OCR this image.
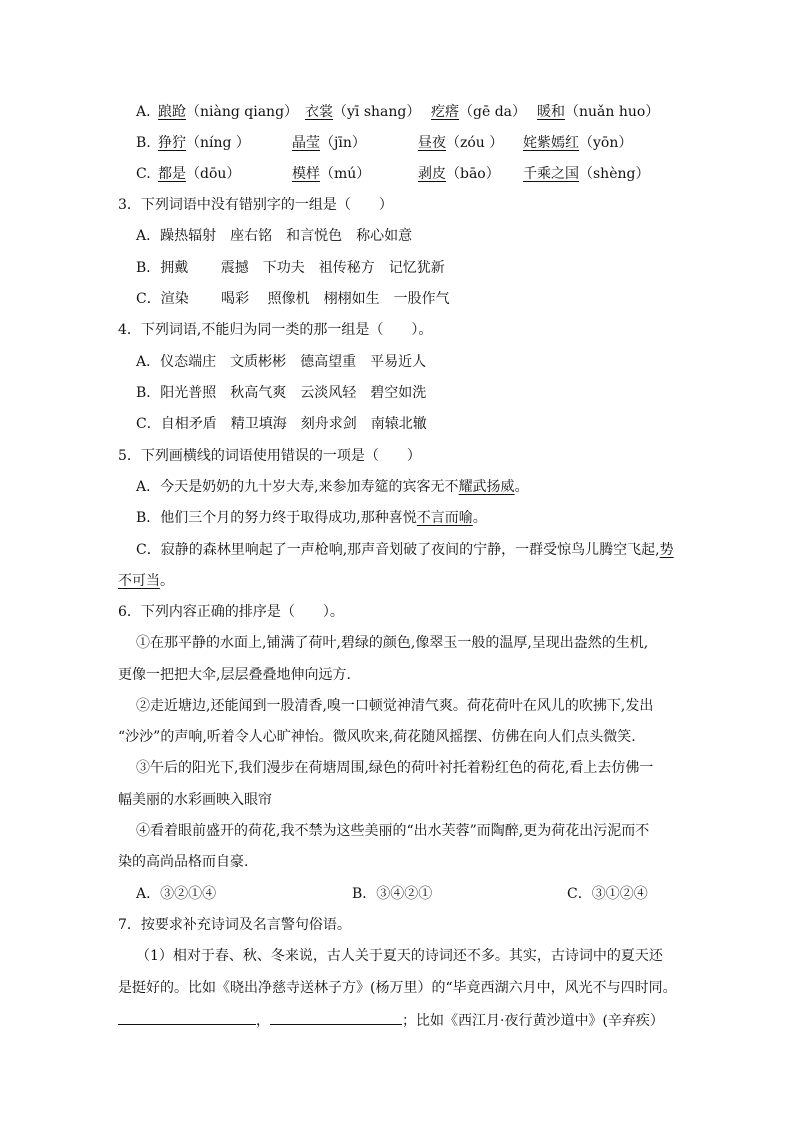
A. 踉跄（niàng qiang） 衣裳（yī shang） 疙瘩（gē da） 暖和（nuǎn huo）
B. 狰狞（níng ）	晶莹（jīn）	昼夜（zóu ） 姹紫嫣红（yōn）
C. 都是（dōu）	模样（mú）	剥皮（bāo） 千乘之国（shèng）
3．下列词语中没有错别字的一组是（　　）
A．躁热辐射　座右铭　和言悦色　称心如意
B．拥戴　　 震撼　下功夫　祖传秘方　记忆犹新
C．渲染　　 喝彩　 照像机　栩栩如生　一股作气
4．下列词语,不能归为同一类的那一组是（　　）。
A．仪态端庄　文质彬彬　德高望重　平易近人
B．阳光普照　秋高气爽　云淡风轻　碧空如洗
C．自相矛盾　精卫填海　刻舟求剑　南辕北辙
5．下列画横线的词语使用错误的一项是（　　）
A．今天是奶奶的九十岁大寿,来参加寿筵的宾客无不耀武扬威。
B．他们三个月的努力终于取得成功,那种喜悦不言而喻。
C．寂静的森林里响起了一声枪响,那声音划破了夜间的宁静，一群受惊鸟儿腾空飞起,势
不可当。
6．下列内容正确的排序是（　　）。
①在那平静的水面上,铺满了荷叶,碧绿的颜色,像翠玉一般的温厚,呈现出盎然的生机,
更像一把把大伞,层层叠叠地伸向远方.
②走近塘边,还能闻到一股清香,嗅一口顿觉神清气爽。荷花荷叶在风儿的吹拂下,发出
“沙沙”的声响,听着令人心旷神怡。微风吹来,荷花随风摇摆、仿佛在向人们点头微笑.
③午后的阳光下,我们漫步在荷塘周围,绿色的荷叶衬托着粉红色的荷花,看上去仿佛一
幅美丽的水彩画映入眼帘
④看着眼前盛开的荷花,我不禁为这些美丽的“出水芙蓉”而陶醉,更为荷花出污泥而不
染的高尚品格而自豪.
A．③②①④	B．③④②①	C．③①②④
7．按要求补充诗词及名言警句俗语。
（1）相对于春、秋、冬来说，古人关于夏天的诗词还不多。其实，古诗词中的夏天还
是挺好的。比如《晓出净慈寺送林子方》(杨万里）的“毕竟西湖六月中，风光不与四时同。
，	；比如《西江月·夜行黄沙道中》(辛弃疾）
